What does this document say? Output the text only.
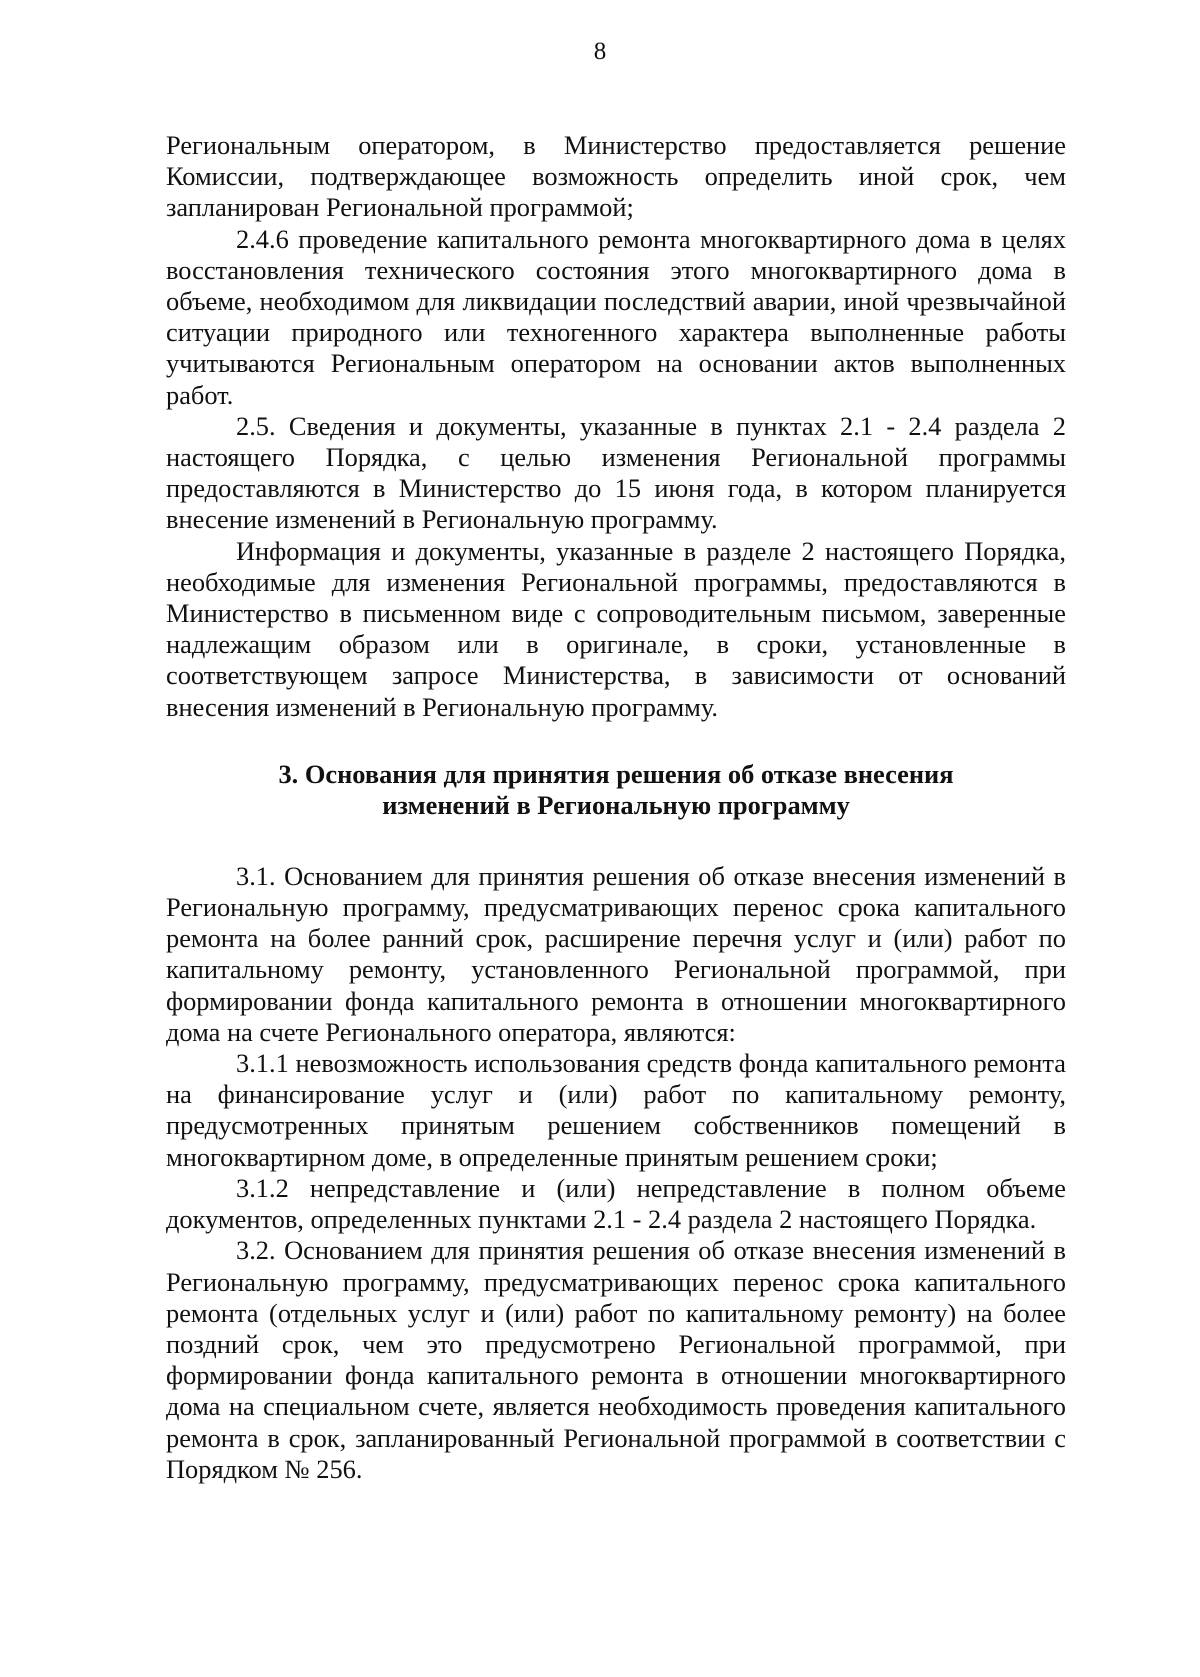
8

Региональным оператором, в Министерство предоставляется решение Комиссии, подтверждающее возможность определить иной срок, чем запланирован Региональной программой;

2.4.6 проведение капитального ремонта многоквартирного дома в целях восстановления технического состояния этого многоквартирного дома в объеме, необходимом для ликвидации последствий аварии, иной чрезвычайной ситуации природного или техногенного характера выполненные работы учитываются Региональным оператором на основании актов выполненных работ.

2.5. Сведения и документы, указанные в пунктах 2.1 - 2.4 раздела 2 настоящего Порядка, с целью изменения Региональной программы предоставляются в Министерство до 15 июня года, в котором планируется внесение изменений в Региональную программу.

Информация и документы, указанные в разделе 2 настоящего Порядка, необходимые для изменения Региональной программы, предоставляются в Министерство в письменном виде с сопроводительным письмом, заверенные надлежащим образом или в оригинале, в сроки, установленные в соответствующем запросе Министерства, в зависимости от оснований внесения изменений в Региональную программу.

3. Основания для принятия решения об отказе внесения
изменений в Региональную программу

3.1. Основанием для принятия решения об отказе внесения изменений в Региональную программу, предусматривающих перенос срока капитального ремонта на более ранний срок, расширение перечня услуг и (или) работ по капитальному ремонту, установленного Региональной программой, при формировании фонда капитального ремонта в отношении многоквартирного дома на счете Регионального оператора, являются:

3.1.1 невозможность использования средств фонда капитального ремонта на финансирование услуг и (или) работ по капитальному ремонту, предусмотренных принятым решением собственников помещений в многоквартирном доме, в определенные принятым решением сроки;

3.1.2 непредставление и (или) непредставление в полном объеме документов, определенных пунктами 2.1 - 2.4 раздела 2 настоящего Порядка.

3.2. Основанием для принятия решения об отказе внесения изменений в Региональную программу, предусматривающих перенос срока капитального ремонта (отдельных услуг и (или) работ по капитальному ремонту) на более поздний срок, чем это предусмотрено Региональной программой, при формировании фонда капитального ремонта в отношении многоквартирного дома на специальном счете, является необходимость проведения капитального ремонта в срок, запланированный Региональной программой в соответствии с Порядком № 256.
